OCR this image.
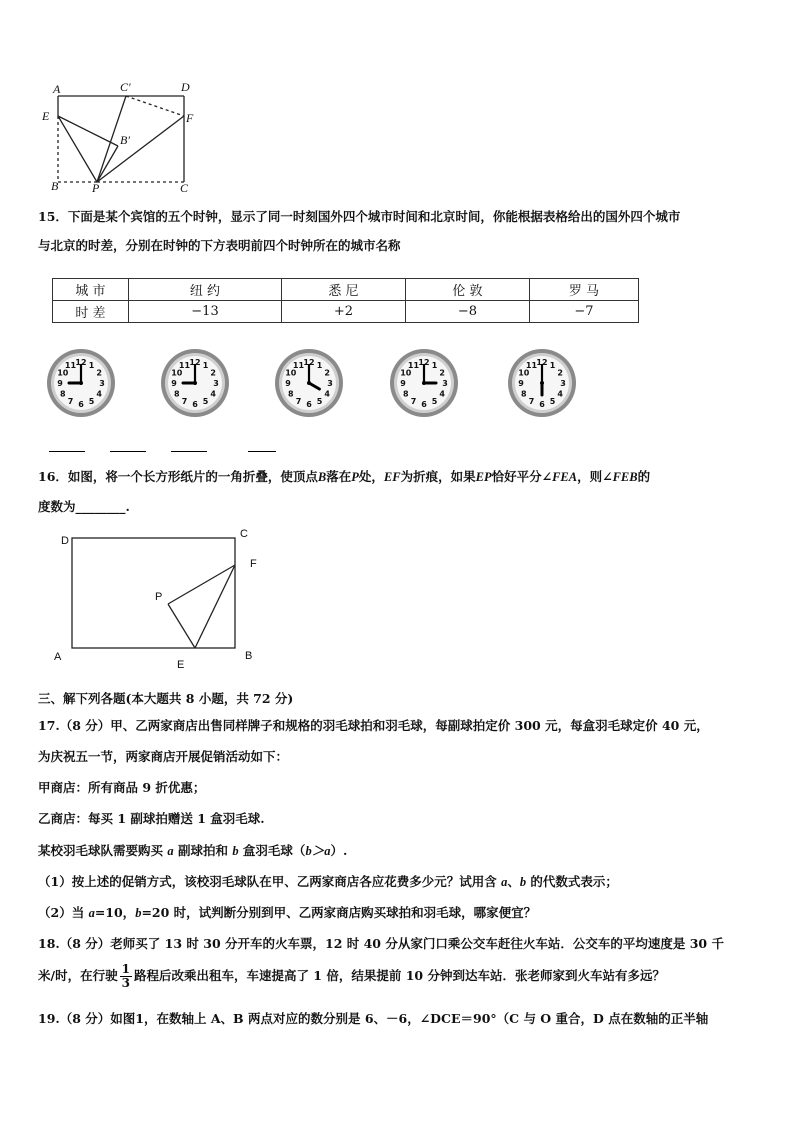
A	C′	D
E	F
B′
B	P	C
15．下面是某个宾馆的五个时钟，显示了同一时刻国外四个城市时间和北京时间，你能根据表格给出的国外四个城市
与北京的时差，分别在时钟的下方表明前四个时钟所在的城市名称
城 市	纽 约	悉 尼	伦 敦	罗 马
时 差	−13	+2	−8	−7
12 1
2
3
4
5
6
7
8
9
10
11	12 1
2
3
4
5
6
7
8
9
10
11	12 1
2
3
4
5
6
7
8
9
10
11	12 1
2
3
4
5
6
7
8
9
10
11	12 1
2
3
4
5
6
7
8
9
10
11
16．如图，将一个长方形纸片的一角折叠，使顶点B落在P处，EF为折痕，如果EP恰好平分∠FEA，则∠FEB的
度数为________.
D
C
F
P
A
E
B
三、解下列各题(本大题共 8 小题，共 72 分)
17.（8 分）甲、乙两家商店出售同样牌子和规格的羽毛球拍和羽毛球，每副球拍定价 300 元，每盒羽毛球定价 40 元，
为庆祝五一节，两家商店开展促销活动如下：
甲商店：所有商品 9 折优惠；
乙商店：每买 1 副球拍赠送 1 盒羽毛球.
某校羽毛球队需要购买 a 副球拍和 b 盒羽毛球（b＞a）.
（1）按上述的促销方式，该校羽毛球队在甲、乙两家商店各应花费多少元？试用含 a、b 的代数式表示；
（2）当 a=10，b=20 时，试判断分别到甲、乙两家商店购买球拍和羽毛球，哪家便宜？
18.（8 分）老师买了 13 时 30 分开车的火车票，12 时 40 分从家门口乘公交车赶往火车站．公交车的平均速度是 30 千
米/时，在行驶 $\frac{1}{3}$ 路程后改乘出租车，车速提高了 1 倍，结果提前 10 分钟到达车站．张老师家到火车站有多远？
19.（8 分）如图1，在数轴上 A、B 两点对应的数分别是 6、－6，∠DCE＝90°（C 与 O 重合，D 点在数轴的正半轴
